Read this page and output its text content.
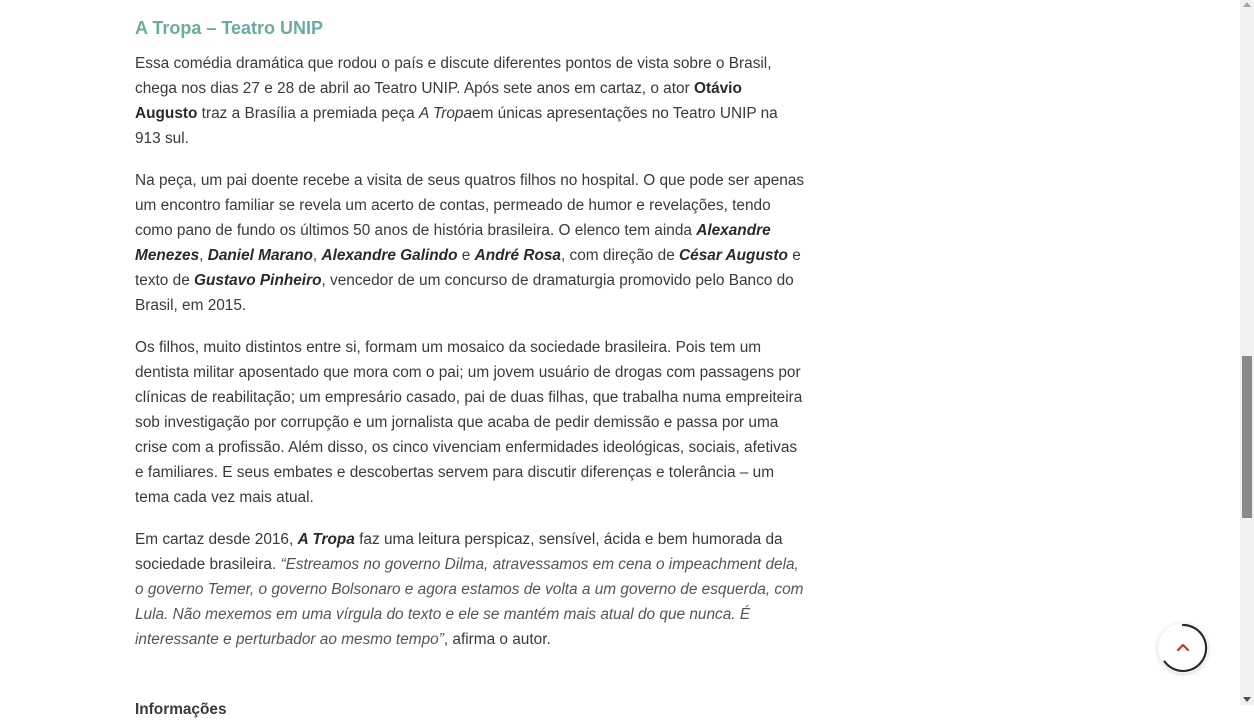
A Tropa – Teatro UNIP

Essa comédia dramática que rodou o país e discute diferentes pontos de vista sobre o Brasil, chega nos dias 27 e 28 de abril ao Teatro UNIP. Após sete anos em cartaz, o ator Otávio Augusto traz a Brasília a premiada peça A Tropaem únicas apresentações no Teatro UNIP na 913 sul.

Na peça, um pai doente recebe a visita de seus quatros filhos no hospital. O que pode ser apenas um encontro familiar se revela um acerto de contas, permeado de humor e revelações, tendo como pano de fundo os últimos 50 anos de história brasileira. O elenco tem ainda Alexandre Menezes, Daniel Marano, Alexandre Galindo e André Rosa, com direção de César Augusto e texto de Gustavo Pinheiro, vencedor de um concurso de dramaturgia promovido pelo Banco do Brasil, em 2015.

Os filhos, muito distintos entre si, formam um mosaico da sociedade brasileira. Pois tem um dentista militar aposentado que mora com o pai; um jovem usuário de drogas com passagens por clínicas de reabilitação; um empresário casado, pai de duas filhas, que trabalha numa empreiteira sob investigação por corrupção e um jornalista que acaba de pedir demissão e passa por uma crise com a profissão. Além disso, os cinco vivenciam enfermidades ideológicas, sociais, afetivas e familiares. E seus embates e descobertas servem para discutir diferenças e tolerância – um tema cada vez mais atual.

Em cartaz desde 2016, A Tropa faz uma leitura perspicaz, sensível, ácida e bem humorada da sociedade brasileira. “Estreamos no governo Dilma, atravessamos em cena o impeachment dela, o governo Temer, o governo Bolsonaro e agora estamos de volta a um governo de esquerda, com Lula. Não mexemos em uma vírgula do texto e ele se mantém mais atual do que nunca. É interessante e perturbador ao mesmo tempo”, afirma o autor.

Informações
